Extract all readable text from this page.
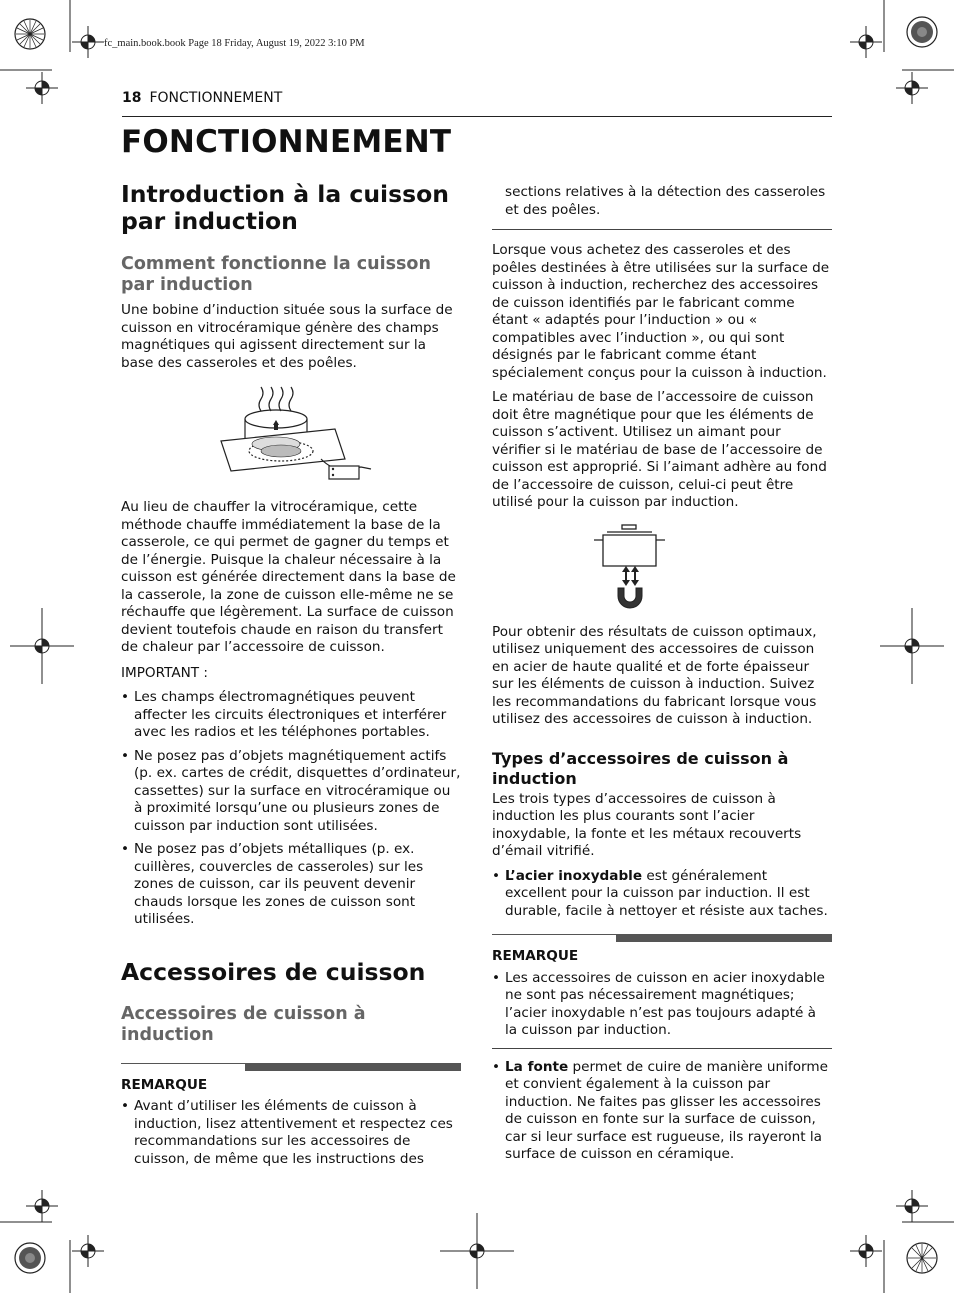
fc_main.book.book Page 18 Friday, August 19, 2022 3:10 PM
18 FONCTIONNEMENT
FONCTIONNEMENT
Introduction à la cuisson par induction
Comment fonctionne la cuisson par induction

Une bobine d’induction située sous la surface de cuisson en vitrocéramique génère des champs magnétiques qui agissent directement sur la base des casseroles et des poêles.

Au lieu de chauffer la vitrocéramique, cette méthode chauffe immédiatement la base de la casserole, ce qui permet de gagner du temps et de l’énergie. Puisque la chaleur nécessaire à la cuisson est générée directement dans la base de la casserole, la zone de cuisson elle-même ne se réchauffe que légèrement. La surface de cuisson devient toutefois chaude en raison du transfert de chaleur par l’accessoire de cuisson.

IMPORTANT :

• Les champs électromagnétiques peuvent affecter les circuits électroniques et interférer avec les radios et les téléphones portables.
• Ne posez pas d’objets magnétiquement actifs (p. ex. cartes de crédit, disquettes d’ordinateur, cassettes) sur la surface en vitrocéramique ou à proximité lorsqu’une ou plusieurs zones de cuisson par induction sont utilisées.
• Ne posez pas d’objets métalliques (p. ex. cuillères, couvercles de casseroles) sur les zones de cuisson, car ils peuvent devenir chauds lorsque les zones de cuisson sont utilisées.
Accessoires de cuisson
Accessoires de cuisson à induction
REMARQUE
• Avant d’utiliser les éléments de cuisson à induction, lisez attentivement et respectez ces recommandations sur les accessoires de cuisson, de même que les instructions des

sections relatives à la détection des casseroles et des poêles.

Lorsque vous achetez des casseroles et des poêles destinées à être utilisées sur la surface de cuisson à induction, recherchez des accessoires de cuisson identifiés par le fabricant comme étant « adaptés pour l’induction » ou « compatibles avec l’induction », ou qui sont désignés par le fabricant comme étant spécialement conçus pour la cuisson à induction.

Le matériau de base de l’accessoire de cuisson doit être magnétique pour que les éléments de cuisson s’activent. Utilisez un aimant pour vérifier si le matériau de base de l’accessoire de cuisson est approprié. Si l’aimant adhère au fond de l’accessoire de cuisson, celui-ci peut être utilisé pour la cuisson par induction.

Pour obtenir des résultats de cuisson optimaux, utilisez uniquement des accessoires de cuisson en acier de haute qualité et de forte épaisseur sur les éléments de cuisson à induction. Suivez les recommandations du fabricant lorsque vous utilisez des accessoires de cuisson à induction.

Types d’accessoires de cuisson à induction

Les trois types d’accessoires de cuisson à induction les plus courants sont l’acier inoxydable, la fonte et les métaux recouverts d’émail vitrifié.

• L’acier inoxydable est généralement excellent pour la cuisson par induction. Il est durable, facile à nettoyer et résiste aux taches.
REMARQUE
• Les accessoires de cuisson en acier inoxydable ne sont pas nécessairement magnétiques; l’acier inoxydable n’est pas toujours adapté à la cuisson par induction.
• La fonte permet de cuire de manière uniforme et convient également à la cuisson par induction. Ne faites pas glisser les accessoires de cuisson en fonte sur la surface de cuisson, car si leur surface est rugueuse, ils rayeront la surface de cuisson en céramique.
